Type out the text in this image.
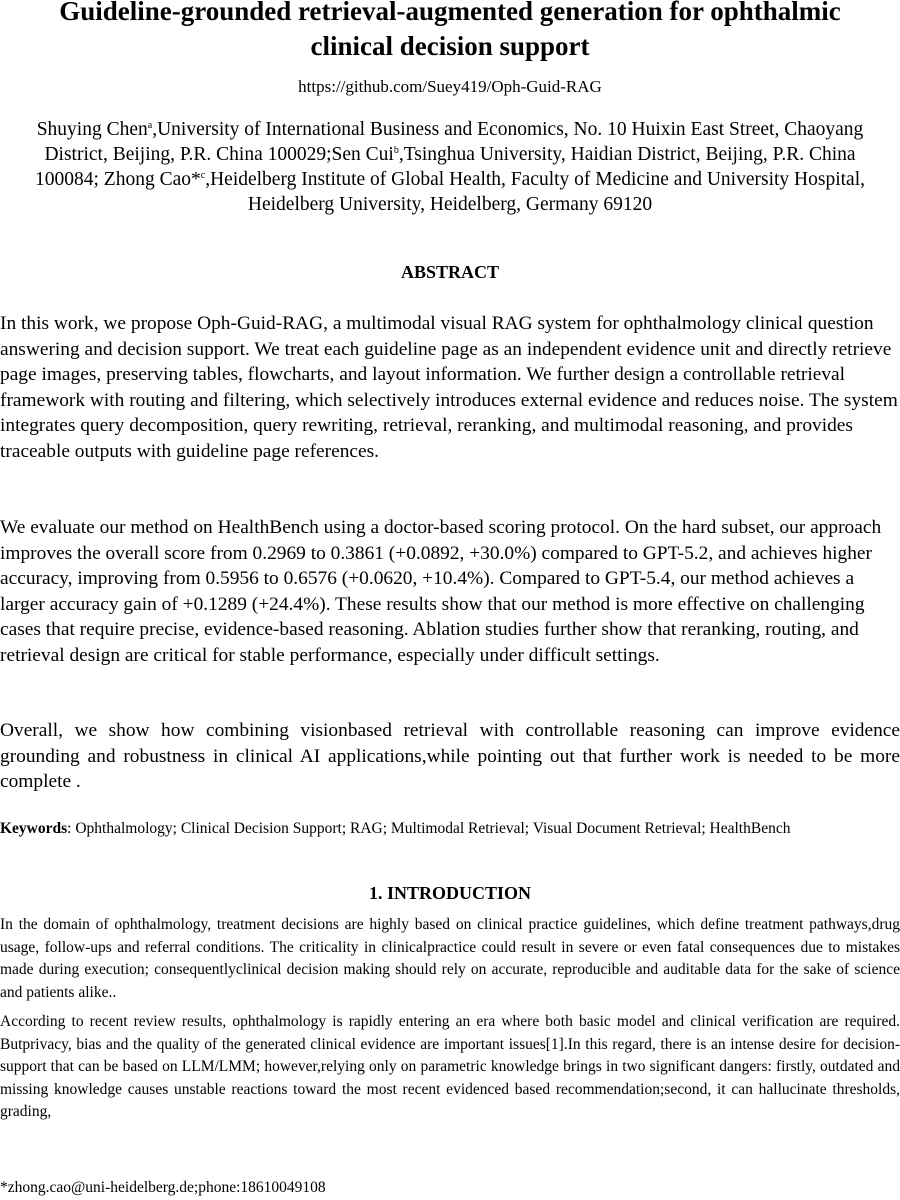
Guideline-grounded retrieval-augmented generation for ophthalmic clinical decision support
https://github.com/Suey419/Oph-Guid-RAG
Shuying Chen$^a$,University of International Business and Economics, No. 10 Huixin East Street, Chaoyang District, Beijing, P.R. China 100029;Sen Cui$^b$,Tsinghua University, Haidian District, Beijing, P.R. China 100084; Zhong Cao*$^c$,Heidelberg Institute of Global Health, Faculty of Medicine and University Hospital, Heidelberg University, Heidelberg, Germany 69120
ABSTRACT

In this work, we propose Oph-Guid-RAG, a multimodal visual RAG system for ophthalmology clinical question answering and decision support. We treat each guideline page as an independent evidence unit and directly retrieve page images, preserving tables, flowcharts, and layout information. We further design a controllable retrieval framework with routing and filtering, which selectively introduces external evidence and reduces noise. The system integrates query decomposition, query rewriting, retrieval, reranking, and multimodal reasoning, and provides traceable outputs with guideline page references.

We evaluate our method on HealthBench using a doctor-based scoring protocol. On the hard subset, our approach improves the overall score from 0.2969 to 0.3861 (+0.0892, +30.0%) compared to GPT-5.2, and achieves higher accuracy, improving from 0.5956 to 0.6576 (+0.0620, +10.4%). Compared to GPT-5.4, our method achieves a larger accuracy gain of +0.1289 (+24.4%). These results show that our method is more effective on challenging cases that require precise, evidence-based reasoning. Ablation studies further show that reranking, routing, and retrieval design are critical for stable performance, especially under difficult settings.

Overall, we show how combining visionbased retrieval with controllable reasoning can improve evidence grounding and robustness in clinical AI applications,while pointing out that further work is needed to be more complete .

Keywords: Ophthalmology; Clinical Decision Support; RAG; Multimodal Retrieval; Visual Document Retrieval; HealthBench

1. INTRODUCTION

In the domain of ophthalmology, treatment decisions are highly based on clinical practice guidelines, which define treatment pathways,drug usage, follow-ups and referral conditions. The criticality in clinicalpractice could result in severe or even fatal consequences due to mistakes made during execution; consequentlyclinical decision making should rely on accurate, reproducible and auditable data for the sake of science and patients alike..

According to recent review results, ophthalmology is rapidly entering an era where both basic model and clinical verification are required. Butprivacy, bias and the quality of the generated clinical evidence are important issues[1].In this regard, there is an intense desire for decision-support that can be based on LLM/LMM; however,relying only on parametric knowledge brings in two significant dangers: firstly, outdated and missing knowledge causes unstable reactions toward the most recent evidenced based recommendation;second, it can hallucinate thresholds, grading,

*zhong.cao@uni-heidelberg.de;phone:18610049108
